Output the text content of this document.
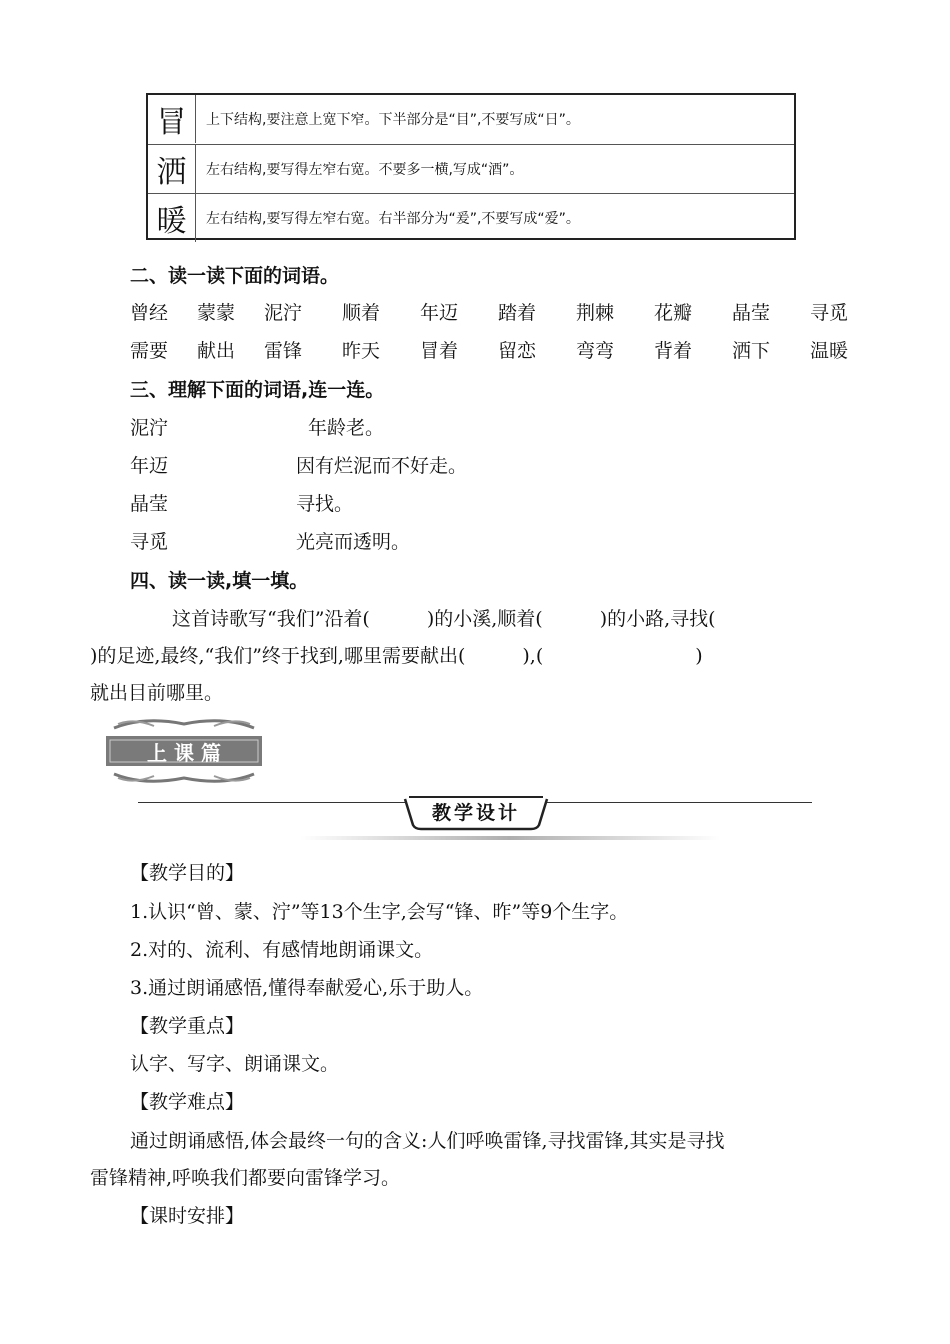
冒	上下结构,要注意上宽下窄。下半部分是“目”,不要写成“日”。
洒	左右结构,要写得左窄右宽。不要多一横,写成“酒”。
暖	左右结构,要写得左窄右宽。右半部分为“爰”,不要写成“爱”。
二、读一读下面的词语。
曾经 蒙蒙 泥泞 顺着 年迈 踏着 荆棘 花瓣 晶莹 寻觅
需要 献出 雷锋 昨天 冒着 留恋 弯弯 背着 洒下 温暖
三、理解下面的词语,连一连。
泥泞	年龄老。
年迈	因有烂泥而不好走。
晶莹	寻找。
寻觅	光亮而透明。
四、读一读,填一填。
这首诗歌写“我们”沿着(　　　)的小溪,顺着(　　　)的小路,寻找(
)的足迹,最终,“我们”终于找到,哪里需要献出(　　　),(　　　　　　　　)
就出目前哪里。
上 课 篇
教学设计
【教学目的】
1.认识“曾、蒙、泞”等13个生字,会写“锋、昨”等9个生字。
2.对的、流利、有感情地朗诵课文。
3.通过朗诵感悟,懂得奉献爱心,乐于助人。
【教学重点】
认字、写字、朗诵课文。
【教学难点】
通过朗诵感悟,体会最终一句的含义:人们呼唤雷锋,寻找雷锋,其实是寻找
雷锋精神,呼唤我们都要向雷锋学习。
【课时安排】
